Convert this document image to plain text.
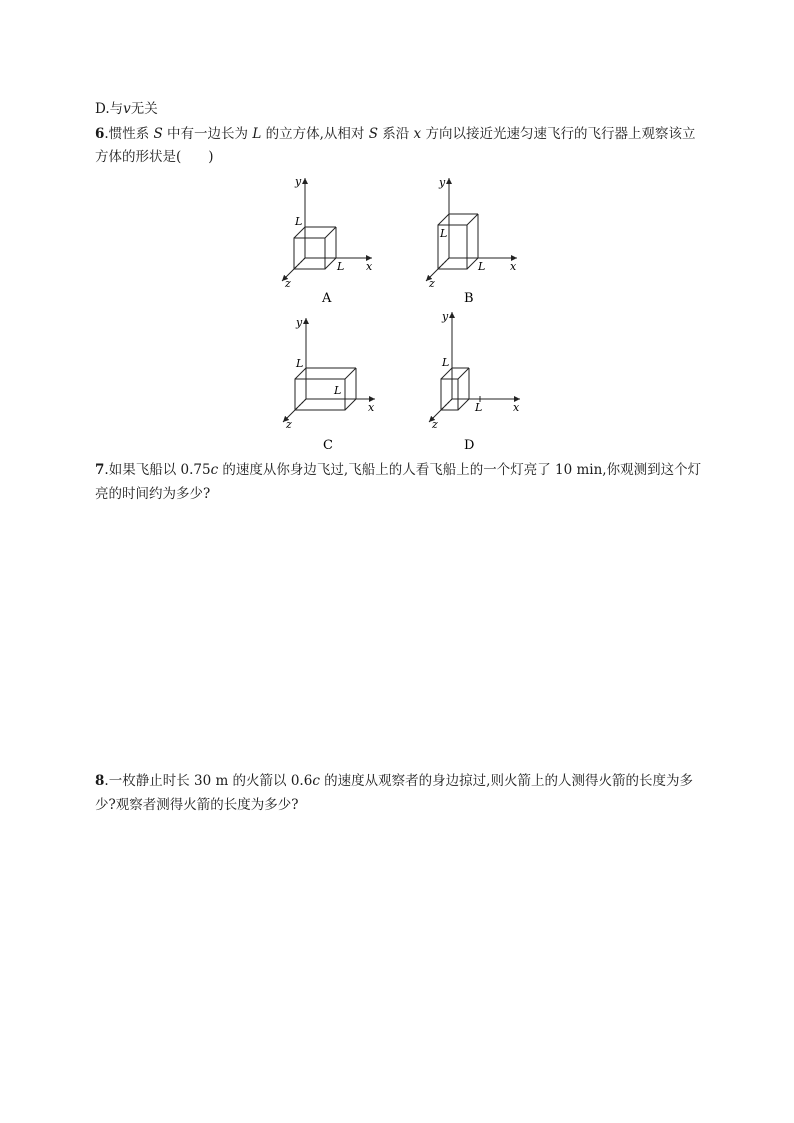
D.与v无关
6.惯性系 S 中有一边长为 L 的立方体,从相对 S 系沿 x 方向以接近光速匀速飞行的飞行器上观察该立
方体的形状是(　　)
y
x
z
L
L
A
y
x
z
L
L
B
y
x
z
L
L
C
y
x
z
L
L
D
7.如果飞船以 0.75c 的速度从你身边飞过,飞船上的人看飞船上的一个灯亮了 10 min,你观测到这个灯
亮的时间约为多少?
8.一枚静止时长 30 m 的火箭以 0.6c 的速度从观察者的身边掠过,则火箭上的人测得火箭的长度为多
少?观察者测得火箭的长度为多少?
